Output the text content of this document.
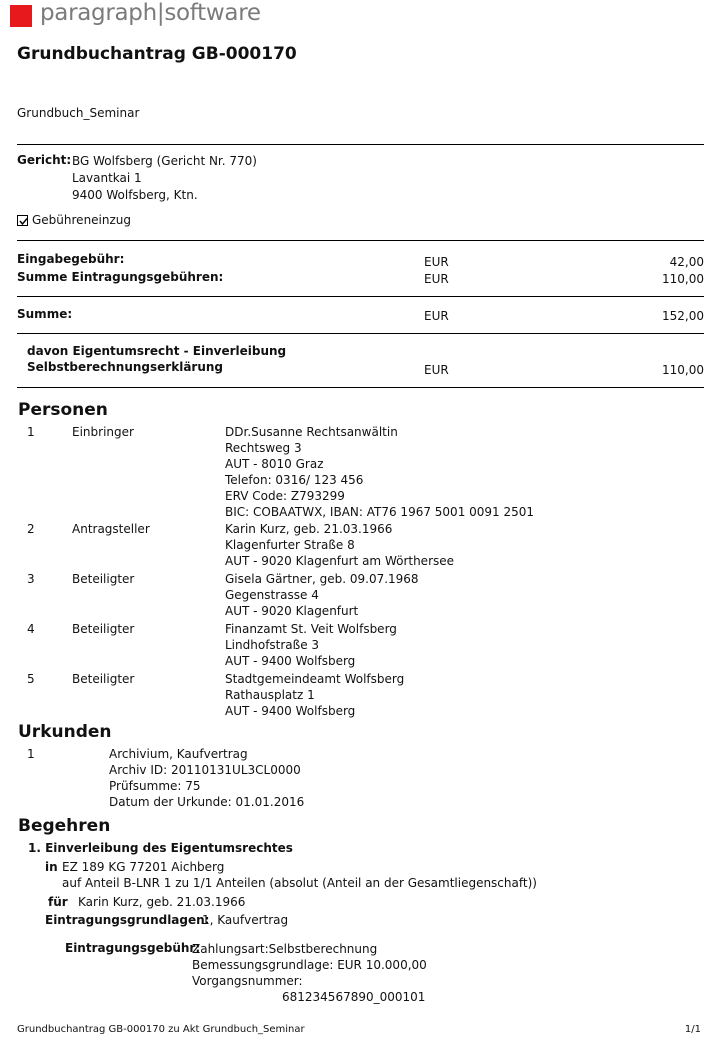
paragraph|software
Grundbuchantrag GB-000170
Grundbuch_Seminar
Gericht: BG Wolfsberg (Gericht Nr. 770)
Lavantkai 1
9400 Wolfsberg, Ktn.
Gebühreneinzug
Eingabegebühr:	EUR	42,00
Summe Eintragungsgebühren:	EUR	110,00
Summe:	EUR	152,00
davon Eigentumsrecht - Einverleibung
Selbstberechnungserklärung	EUR	110,00
Personen
1	Einbringer	DDr.Susanne Rechtsanwältin
Rechtsweg 3
AUT - 8010 Graz
Telefon: 0316/ 123 456
ERV Code: Z793299
BIC: COBAATWX, IBAN: AT76 1967 5001 0091 2501
2	Antragsteller	Karin Kurz, geb. 21.03.1966
Klagenfurter Straße 8
AUT - 9020 Klagenfurt am Wörthersee
3	Beteiligter	Gisela Gärtner, geb. 09.07.1968
Gegenstrasse 4
AUT - 9020 Klagenfurt
4	Beteiligter	Finanzamt St. Veit Wolfsberg
Lindhofstraße 3
AUT - 9400 Wolfsberg
5	Beteiligter	Stadtgemeindeamt Wolfsberg
Rathausplatz 1
AUT - 9400 Wolfsberg
Urkunden
1	Archivium, Kaufvertrag
Archiv ID: 20110131UL3CL0000
Prüfsumme: 75
Datum der Urkunde: 01.01.2016
Begehren
1. Einverleibung des Eigentumsrechtes
in EZ 189 KG 77201 Aichberg
auf Anteil B-LNR 1 zu 1/1 Anteilen (absolut (Anteil an der Gesamtliegenschaft))
für Karin Kurz, geb. 21.03.1966
Eintragungsgrundlagen:
1, Kaufvertrag
Eintragungsgebühr:
Zahlungsart:Selbstberechnung
Bemessungsgrundlage: EUR 10.000,00
Vorgangsnummer:
681234567890_000101
Grundbuchantrag GB-000170 zu Akt Grundbuch_Seminar	1/1
